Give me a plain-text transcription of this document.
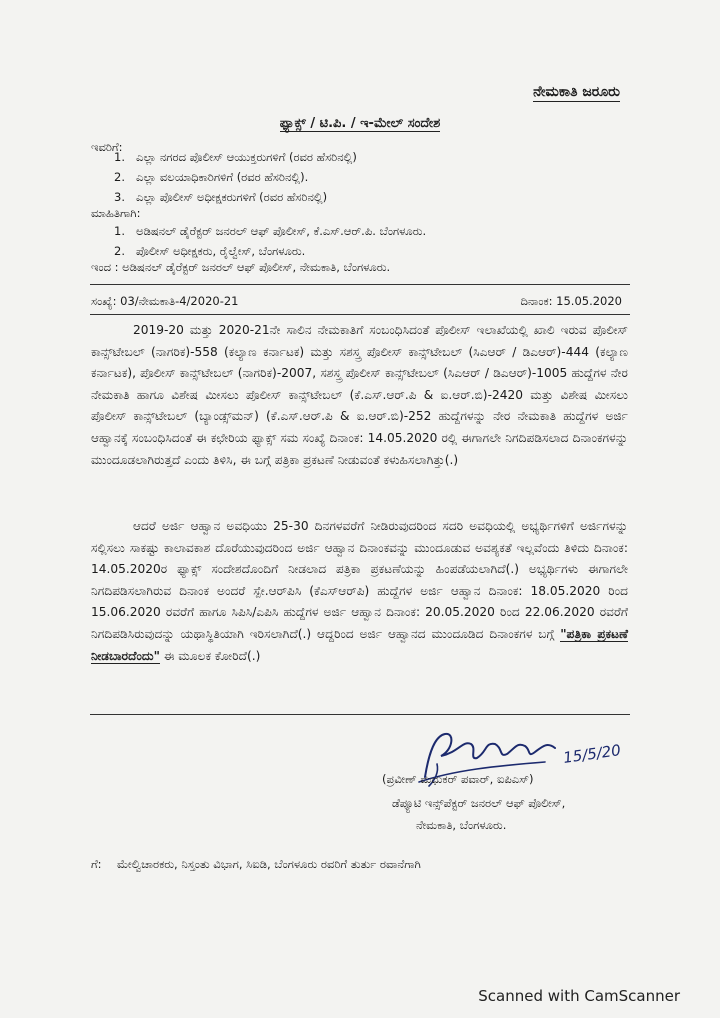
ನೇಮಕಾತಿ ಜರೂರು
ಫ್ಯಾಕ್ಸ್ / ಟಿ.ಪಿ. / ಇ-ಮೇಲ್ ಸಂದೇಶ
ಇವರಿಗೆ:
1. ಎಲ್ಲಾ ನಗರದ ಪೊಲೀಸ್ ಆಯುಕ್ತರುಗಳಿಗೆ (ರವರ ಹೆಸರಿನಲ್ಲಿ)
2. ಎಲ್ಲಾ ವಲಯಾಧಿಕಾರಿಗಳಿಗೆ (ರವರ ಹೆಸರಿನಲ್ಲಿ).
3. ಎಲ್ಲಾ ಪೊಲೀಸ್ ಅಧೀಕ್ಷಕರುಗಳಿಗೆ (ರವರ ಹೆಸರಿನಲ್ಲಿ)
ಮಾಹಿತಿಗಾಗಿ:
1. ಅಡಿಷನಲ್ ಡೈರೆಕ್ಟರ್ ಜನರಲ್ ಆಫ್ ಪೊಲೀಸ್, ಕೆ.ಎಸ್.ಆರ್.ಪಿ. ಬೆಂಗಳೂರು.
2. ಪೊಲೀಸ್ ಅಧೀಕ್ಷಕರು, ರೈಲ್ವೇಸ್, ಬೆಂಗಳೂರು.
ಇಂದ : ಅಡಿಷನಲ್ ಡೈರೆಕ್ಟರ್ ಜನರಲ್ ಆಫ್ ಪೊಲೀಸ್, ನೇಮಕಾತಿ, ಬೆಂಗಳೂರು.
ಸಂಖ್ಯೆ: 03/ನೇಮಕಾತಿ-4/2020-21	ದಿನಾಂಕ: 15.05.2020

2019-20 ಮತ್ತು 2020-21ನೇ ಸಾಲಿನ ನೇಮಕಾತಿಗೆ ಸಂಬಂಧಿಸಿದಂತೆ ಪೊಲೀಸ್ ಇಲಾಖೆಯಲ್ಲಿ ಖಾಲಿ ಇರುವ ಪೊಲೀಸ್ ಕಾನ್ಸ್‌ಟೇಬಲ್ (ನಾಗರಿಕ)-558 (ಕಲ್ಯಾಣ ಕರ್ನಾಟಕ) ಮತ್ತು ಸಶಸ್ತ್ರ ಪೊಲೀಸ್ ಕಾನ್ಸ್‌ಟೇಬಲ್ (ಸಿಎಆರ್ / ಡಿಎಆರ್)-444 (ಕಲ್ಯಾಣ ಕರ್ನಾಟಕ), ಪೊಲೀಸ್ ಕಾನ್ಸ್‌ಟೇಬಲ್ (ನಾಗರಿಕ)-2007, ಸಶಸ್ತ್ರ ಪೊಲೀಸ್ ಕಾನ್ಸ್‌ಟೇಬಲ್ (ಸಿಎಆರ್ / ಡಿಎಆರ್)-1005 ಹುದ್ದೆಗಳ ನೇರ ನೇಮಕಾತಿ ಹಾಗೂ ವಿಶೇಷ ಮೀಸಲು ಪೊಲೀಸ್ ಕಾನ್ಸ್‌ಟೇಬಲ್ (ಕೆ.ಎಸ್.ಆರ್.ಪಿ & ಐ.ಆರ್.ಬಿ)-2420 ಮತ್ತು ವಿಶೇಷ ಮೀಸಲು ಪೊಲೀಸ್ ಕಾನ್ಸ್‌ಟೇಬಲ್ (ಬ್ಯಾಂಡ್ಸ್‌ಮನ್) (ಕೆ.ಎಸ್.ಆರ್.ಪಿ & ಐ.ಆರ್.ಬಿ)-252 ಹುದ್ದೆಗಳನ್ನು ನೇರ ನೇಮಕಾತಿ ಹುದ್ದೆಗಳ ಅರ್ಜಿ ಆಹ್ವಾನಕ್ಕೆ ಸಂಬಂಧಿಸಿದಂತೆ ಈ ಕಛೇರಿಯ ಫ್ಯಾಕ್ಸ್ ಸಮ ಸಂಖ್ಯೆ ದಿನಾಂಕ: 14.05.2020 ರಲ್ಲಿ ಈಗಾಗಲೇ ನಿಗದಿಪಡಿಸಲಾದ ದಿನಾಂಕಗಳನ್ನು ಮುಂದೂಡಲಾಗಿರುತ್ತದೆ ಎಂದು ತಿಳಿಸಿ, ಈ ಬಗ್ಗೆ ಪತ್ರಿಕಾ ಪ್ರಕಟಣೆ ನೀಡುವಂತೆ ಕಳುಹಿಸಲಾಗಿತ್ತು(.)

ಆದರೆ ಅರ್ಜಿ ಆಹ್ವಾನ ಅವಧಿಯು 25-30 ದಿನಗಳವರೆಗೆ ನೀಡಿರುವುದರಿಂದ ಸದರಿ ಅವಧಿಯಲ್ಲಿ ಅಭ್ಯರ್ಥಿಗಳಿಗೆ ಅರ್ಜಿಗಳನ್ನು ಸಲ್ಲಿಸಲು ಸಾಕಷ್ಟು ಕಾಲಾವಕಾಶ ದೊರೆಯುವುದರಿಂದ ಅರ್ಜಿ ಆಹ್ವಾನ ದಿನಾಂಕವನ್ನು ಮುಂದೂಡುವ ಅವಶ್ಯಕತೆ ಇಲ್ಲವೆಂದು ತಿಳಿದು ದಿನಾಂಕ: 14.05.2020ರ ಫ್ಯಾಕ್ಸ್ ಸಂದೇಶದೊಂದಿಗೆ ನೀಡಲಾದ ಪತ್ರಿಕಾ ಪ್ರಕಟಣೆಯನ್ನು ಹಿಂಪಡೆಯಲಾಗಿದೆ(.) ಅಭ್ಯರ್ಥಿಗಳು ಈಗಾಗಲೇ ನಿಗದಿಪಡಿಸಲಾಗಿರುವ ದಿನಾಂಕ ಅಂದರೆ ಸ್ಪೇ.ಆರ್‌ಪಿಸಿ (ಕೆಎಸ್‌ಆರ್‌ಪಿ) ಹುದ್ದೆಗಳ ಅರ್ಜಿ ಆಹ್ವಾನ ದಿನಾಂಕ: 18.05.2020 ರಿಂದ 15.06.2020 ರವರೆಗೆ ಹಾಗೂ ಸಿಪಿಸಿ/ಎಪಿಸಿ ಹುದ್ದೆಗಳ ಅರ್ಜಿ ಆಹ್ವಾನ ದಿನಾಂಕ: 20.05.2020 ರಿಂದ 22.06.2020 ರವರೆಗೆ ನಿಗದಿಪಡಿಸಿರುವುದನ್ನು ಯಥಾಸ್ಥಿತಿಯಾಗಿ ಇರಿಸಲಾಗಿದೆ(.) ಆದ್ದರಿಂದ ಅರ್ಜಿ ಆಹ್ವಾನದ ಮುಂದೂಡಿದ ದಿನಾಂಕಗಳ ಬಗ್ಗೆ "ಪತ್ರಿಕಾ ಪ್ರಕಟಣೆ ನೀಡಬಾರದೆಂದು" ಈ ಮೂಲಕ ಕೋರಿದೆ(.)

15/5/20
(ಪ್ರವೀಣ್ ಮಧುಕರ್ ಪವಾರ್, ಐಪಿಎಸ್)
ಡೆಪ್ಯೂಟಿ ಇನ್ಸ್‌ಪೆಕ್ಟರ್ ಜನರಲ್ ಆಫ್ ಪೊಲೀಸ್,
ನೇಮಕಾತಿ, ಬೆಂಗಳೂರು.
ಗೆ: ಮೇಲ್ವಿಚಾರಕರು, ನಿಸ್ತಂತು ವಿಭಾಗ, ಸಿಐಡಿ, ಬೆಂಗಳೂರು ರವರಿಗೆ ತುರ್ತು ರವಾನೆಗಾಗಿ
Scanned with CamScanner
